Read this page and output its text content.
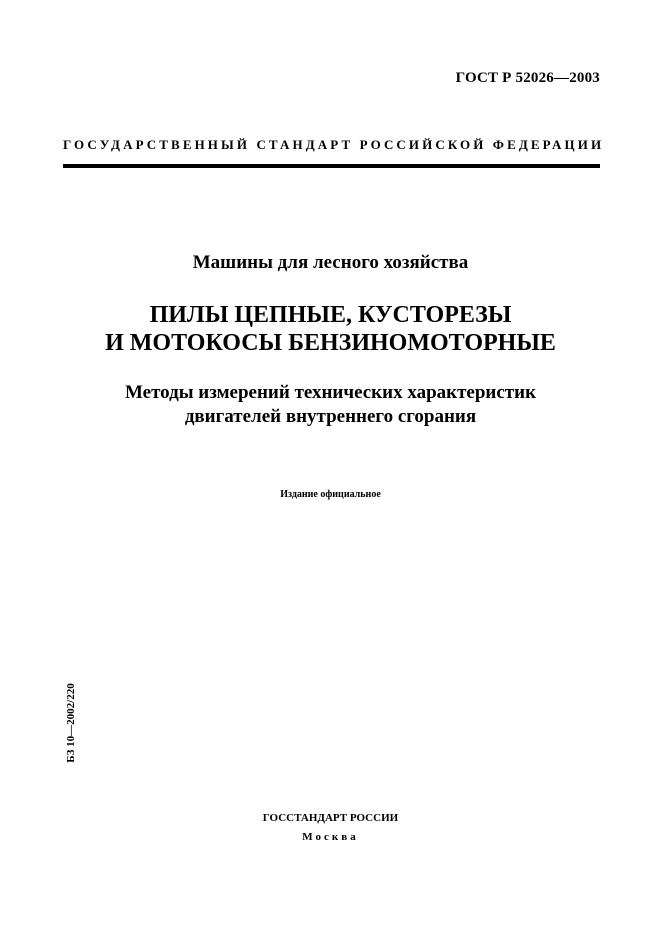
ГОСТ Р 52026—2003
ГОСУДАРСТВЕННЫЙ СТАНДАРТ РОССИЙСКОЙ ФЕДЕРАЦИИ
Машины для лесного хозяйства
ПИЛЫ ЦЕПНЫЕ, КУСТОРЕЗЫ
И МОТОКОСЫ БЕНЗИНОМОТОРНЫЕ
Методы измерений технических характеристик
двигателей внутреннего сгорания
Издание официальное
БЗ 10—2002/220
ГОССТАНДАРТ РОССИИ
Москва
